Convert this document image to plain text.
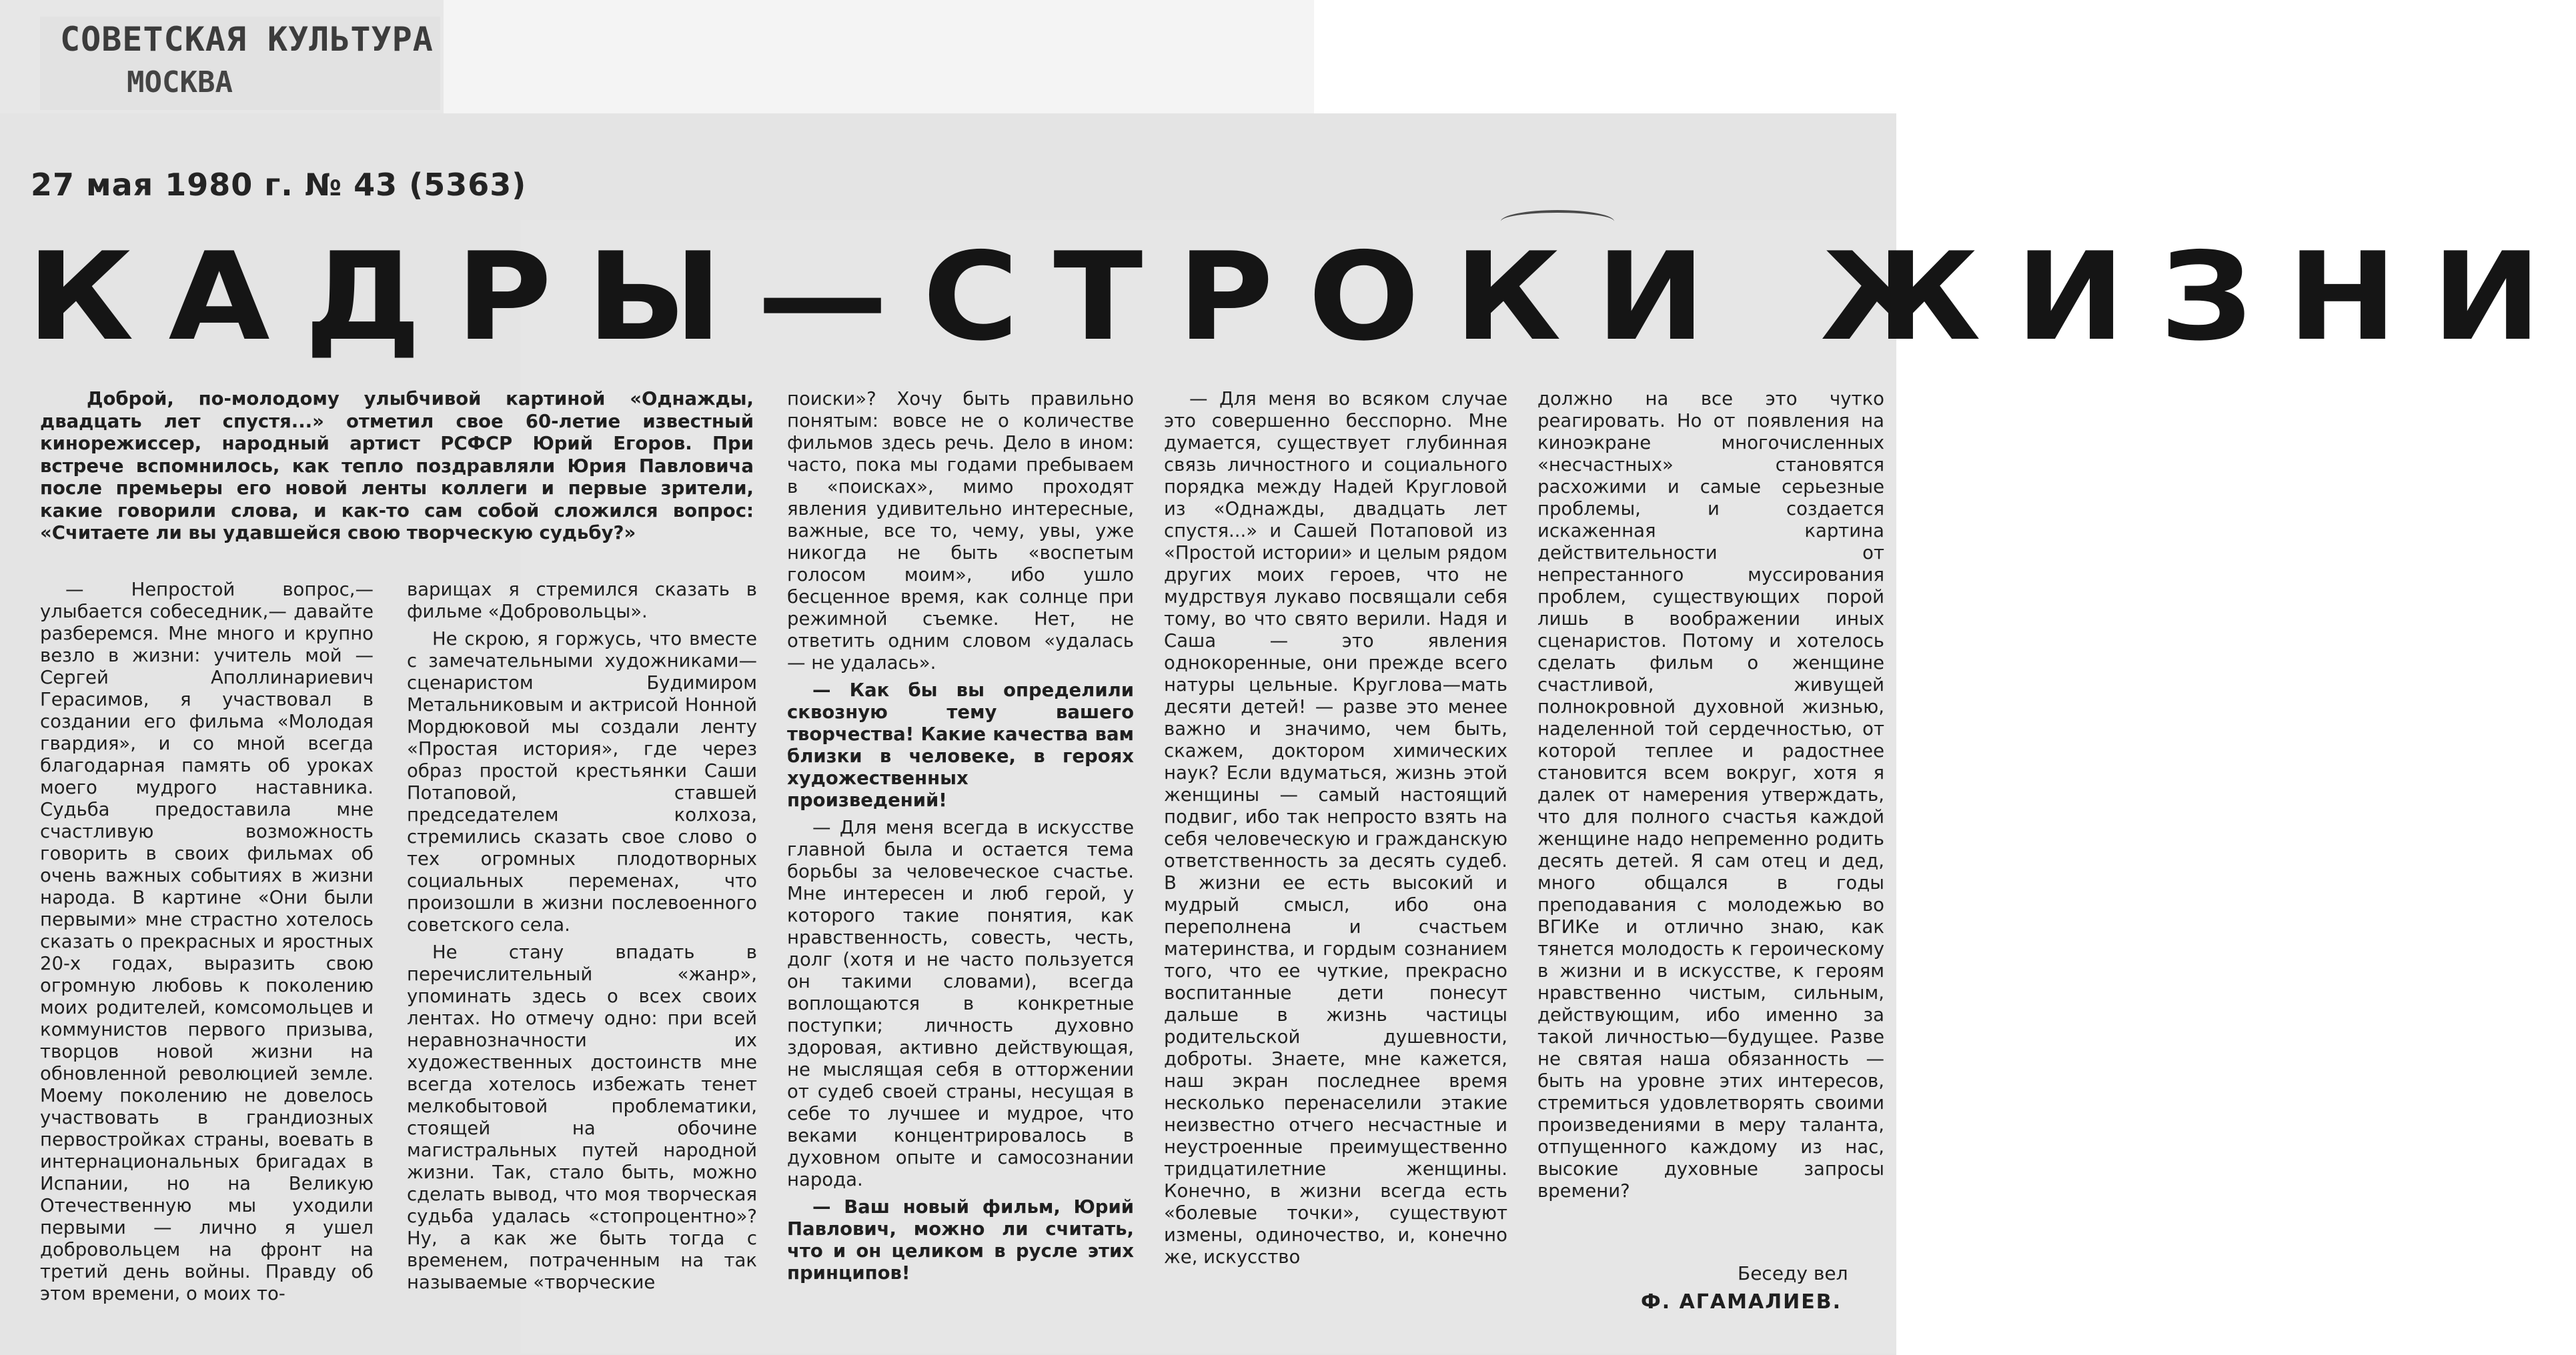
СОВЕТСКАЯ КУЛЬТУРА
МОСКВА
27 мая 1980 г. № 43 (5363)
КАДРЫ—СТРОКИ ЖИЗНИ
Доброй, по-молодому улыбчивой картиной «Однажды, двадцать лет спустя...» отметил свое 60-летие известный кинорежиссер, народный артист РСФСР Юрий Егоров. При встрече вспомнилось, как тепло поздравляли Юрия Павловича после премьеры его новой ленты коллеги и первые зрители, какие говорили слова, и как-то сам собой сложился вопрос: «Считаете ли вы удавшейся свою творческую судьбу?»

— Непростой вопрос,— улыбается собеседник,— давайте разберемся. Мне много и крупно везло в жизни: учитель мой — Сергей Аполлинариевич Герасимов, я участвовал в создании его фильма «Молодая гвардия», и со мной всегда благодарная память об уроках моего мудрого наставника. Судьба предоставила мне счастливую возможность говорить в своих фильмах об очень важных событиях в жизни народа. В картине «Они были первыми» мне страстно хотелось сказать о прекрасных и яростных 20-х годах, выразить свою огромную любовь к поколению моих родителей, комсомольцев и коммунистов первого призыва, творцов новой жизни на обновленной революцией земле. Моему поколению не довелось участвовать в грандиозных первостройках страны, воевать в интернациональных бригадах в Испании, но на Великую Отечественную мы уходили первыми — лично я ушел добровольцем на фронт на третий день войны. Правду об этом времени, о моих то-

варищах я стремился сказать в фильме «Добровольцы».

Не скрою, я горжусь, что вместе с замечательными художниками—сценаристом Будимиром Метальниковым и актрисой Нонной Мордюковой мы создали ленту «Простая история», где через образ простой крестьянки Саши Потаповой, ставшей председателем колхоза, стремились сказать свое слово о тех огромных плодотворных социальных переменах, что произошли в жизни послевоенного советского села.

Не стану впадать в перечислительный «жанр», упоминать здесь о всех своих лентах. Но отмечу одно: при всей неравнозначности их художественных достоинств мне всегда хотелось избежать тенет мелкобытовой проблематики, стоящей на обочине магистральных путей народной жизни. Так, стало быть, можно сделать вывод, что моя творческая судьба удалась «стопроцентно»? Ну, а как же быть тогда с временем, потраченным на так называемые «творческие

поиски»? Хочу быть правильно понятым: вовсе не о количестве фильмов здесь речь. Дело в ином: часто, пока мы годами пребываем в «поисках», мимо проходят явления удивительно интересные, важные, все то, чему, увы, уже никогда не быть «воспетым голосом моим», ибо ушло бесценное время, как солнце при режимной съемке. Нет, не ответить одним словом «удалась — не удалась».

— Как бы вы определили сквозную тему вашего творчества! Какие качества вам близки в человеке, в героях художественных произведений!

— Для меня всегда в искусстве главной была и остается тема борьбы за человеческое счастье. Мне интересен и люб герой, у которого такие понятия, как нравственность, совесть, честь, долг (хотя и не часто пользуется он такими словами), всегда воплощаются в конкретные поступки; личность духовно здоровая, активно действующая, не мыслящая себя в отторжении от судеб своей страны, несущая в себе то лучшее и мудрое, что веками концентрировалось в духовном опыте и самосознании народа.

— Ваш новый фильм, Юрий Павлович, можно ли считать, что и он целиком в русле этих принципов!

— Для меня во всяком случае это совершенно бесспорно. Мне думается, существует глубинная связь личностного и социального порядка между Надей Кругловой из «Однажды, двадцать лет спустя...» и Сашей Потаповой из «Простой истории» и целым рядом других моих героев, что не мудрствуя лукаво посвящали себя тому, во что свято верили. Надя и Саша — это явления однокоренные, они прежде всего натуры цельные. Круглова—мать десяти детей! — разве это менее важно и значимо, чем быть, скажем, доктором химических наук? Если вдуматься, жизнь этой женщины — самый настоящий подвиг, ибо так непросто взять на себя человеческую и гражданскую ответственность за десять судеб. В жизни ее есть высокий и мудрый смысл, ибо она переполнена и счастьем материнства, и гордым сознанием того, что ее чуткие, прекрасно воспитанные дети понесут дальше в жизнь частицы родительской душевности, доброты. Знаете, мне кажется, наш экран последнее время несколько перенаселили этакие неизвестно отчего несчастные и неустроенные преимущественно тридцатилетние женщины. Конечно, в жизни всегда есть «болевые точки», существуют измены, одиночество, и, конечно же, искусство

должно на все это чутко реагировать. Но от появления на киноэкране многочисленных «несчастных» становятся расхожими и самые серьезные проблемы, и создается искаженная картина действительности от непрестанного муссирования проблем, существующих порой лишь в воображении иных сценаристов. Потому и хотелось сделать фильм о женщине счастливой, живущей полнокровной духовной жизнью, наделенной той сердечностью, от которой теплее и радостнее становится всем вокруг, хотя я далек от намерения утверждать, что для полного счастья каждой женщине надо непременно родить десять детей. Я сам отец и дед, много общался в годы преподавания с молодежью во ВГИКе и отлично знаю, как тянется молодость к героическому в жизни и в искусстве, к героям нравственно чистым, сильным, действующим, ибо именно за такой личностью—будущее. Разве не святая наша обязанность — быть на уровне этих интересов, стремиться удовлетворять своими произведениями в меру таланта, отпущенного каждому из нас, высокие духовные запросы времени?

Беседу вел
Ф. АГАМАЛИЕВ.
